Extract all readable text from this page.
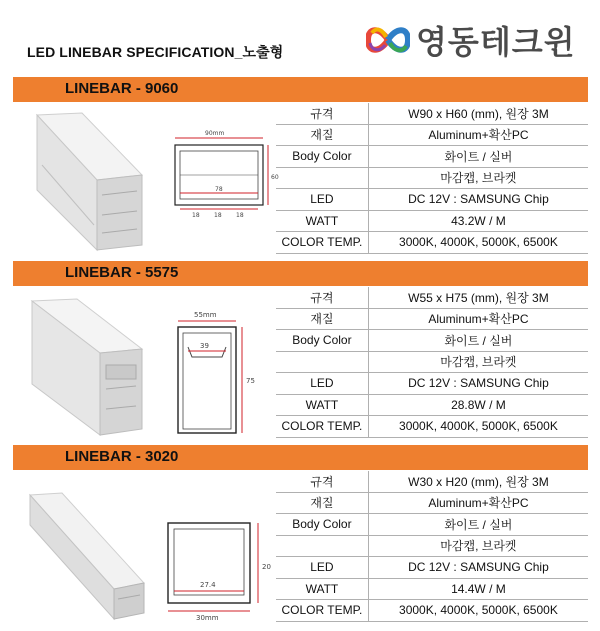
LED LINEBAR SPECIFICATION_노출형	영동테크윈
LINEBAR - 9060
90mm
60
78
18 18 18
규격	W90 x H60 (mm), 원장 3M
재질	Aluminum+확산PC
Body Color	화이트 / 실버
	마감캡, 브라켓
LED	DC 12V : SAMSUNG Chip
WATT	43.2W / M
COLOR TEMP.	3000K, 4000K, 5000K, 6500K
LINEBAR - 5575
55mm
39
75
규격	W55 x H75 (mm), 원장 3M
재질	Aluminum+확산PC
Body Color	화이트 / 실버
	마감캡, 브라켓
LED	DC 12V : SAMSUNG Chip
WATT	28.8W / M
COLOR TEMP.	3000K, 4000K, 5000K, 6500K
LINEBAR - 3020
27.4
30mm
20
규격	W30 x H20 (mm), 원장 3M
재질	Aluminum+확산PC
Body Color	화이트 / 실버
	마감캡, 브라켓
LED	DC 12V : SAMSUNG Chip
WATT	14.4W / M
COLOR TEMP.	3000K, 4000K, 5000K, 6500K
